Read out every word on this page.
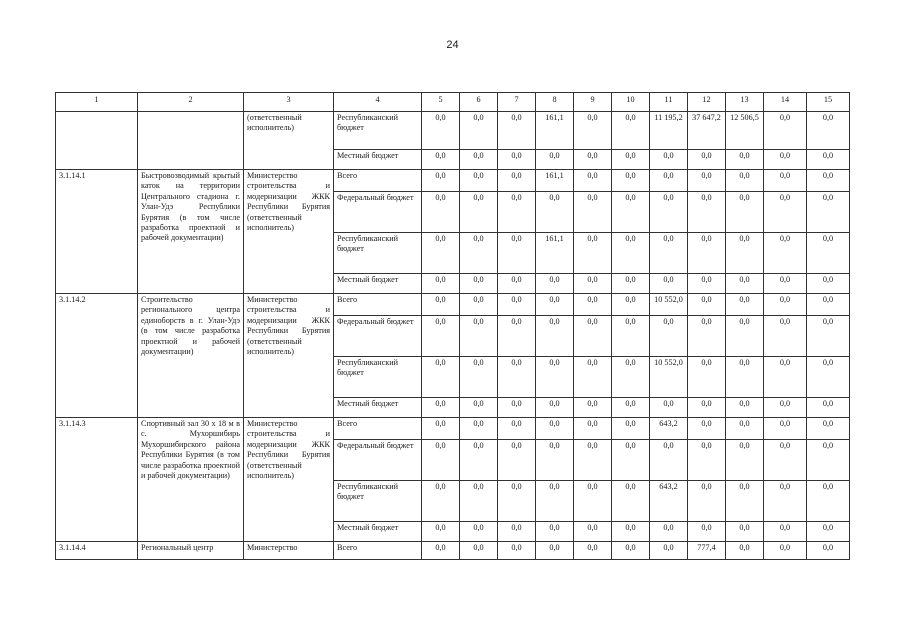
24
1	2	3	4	5	6	7	8	9	10	11	12	13	14	15
		(ответственный исполнитель)	Республиканский бюджет	0,0	0,0	0,0	161,1	0,0	0,0	11 195,2	37 647,2	12 506,5	0,0	0,0
			Местный бюджет	0,0	0,0	0,0	0,0	0,0	0,0	0,0	0,0	0,0	0,0	0,0
3.1.14.1	Быстровозводимый крытый каток на территории Центрального стадиона г. Улан-Удэ Республики Бурятия (в том числе разработка проектной и рабочей документации)	Министерство строительства и модернизации ЖКК Республики Бурятия (ответственный исполнитель)	Всего	0,0	0,0	0,0	161,1	0,0	0,0	0,0	0,0	0,0	0,0	0,0
			Федеральный бюджет	0,0	0,0	0,0	0,0	0,0	0,0	0,0	0,0	0,0	0,0	0,0
			Республиканский бюджет	0,0	0,0	0,0	161,1	0,0	0,0	0,0	0,0	0,0	0,0	0,0
			Местный бюджет	0,0	0,0	0,0	0,0	0,0	0,0	0,0	0,0	0,0	0,0	0,0
3.1.14.2	Строительство регионального центра единоборств в г. Улан-Удэ (в том числе разработка проектной и рабочей документации)	Министерство строительства и модернизации ЖКК Республики Бурятия (ответственный исполнитель)	Всего	0,0	0,0	0,0	0,0	0,0	0,0	10 552,0	0,0	0,0	0,0	0,0
			Федеральный бюджет	0,0	0,0	0,0	0,0	0,0	0,0	0,0	0,0	0,0	0,0	0,0
			Республиканский бюджет	0,0	0,0	0,0	0,0	0,0	0,0	10 552,0	0,0	0,0	0,0	0,0
			Местный бюджет	0,0	0,0	0,0	0,0	0,0	0,0	0,0	0,0	0,0	0,0	0,0
3.1.14.3	Спортивный зал 30 х 18 м в с. Мухоршибирь Мухоршибирского района Республики Бурятия (в том числе разработка проектной и рабочей документации)	Министерство строительства и модернизации ЖКК Республики Бурятия (ответственный исполнитель)	Всего	0,0	0,0	0,0	0,0	0,0	0,0	643,2	0,0	0,0	0,0	0,0
			Федеральный бюджет	0,0	0,0	0,0	0,0	0,0	0,0	0,0	0,0	0,0	0,0	0,0
			Республиканский бюджет	0,0	0,0	0,0	0,0	0,0	0,0	643,2	0,0	0,0	0,0	0,0
			Местный бюджет	0,0	0,0	0,0	0,0	0,0	0,0	0,0	0,0	0,0	0,0	0,0
3.1.14.4	Региональный центр	Министерство	Всего	0,0	0,0	0,0	0,0	0,0	0,0	0,0	777,4	0,0	0,0	0,0
